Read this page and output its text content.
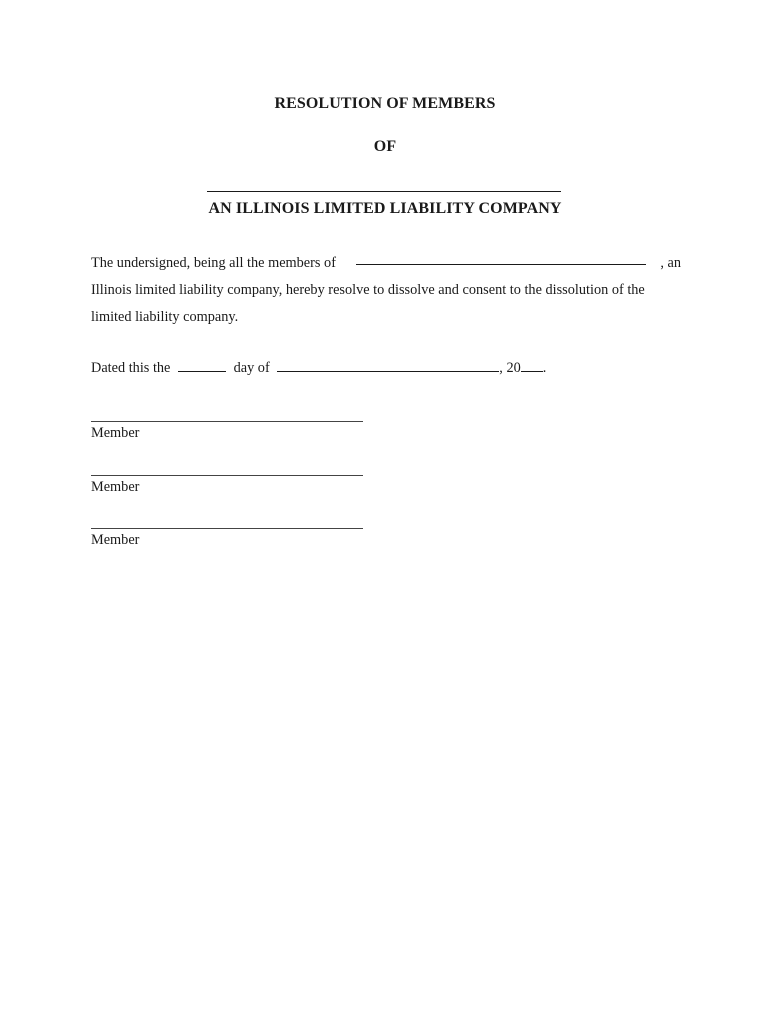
RESOLUTION OF MEMBERS
OF
AN ILLINOIS LIMITED LIABILITY COMPANY
The undersigned, being all the members of	, an
Illinois limited liability company, hereby resolve to dissolve and consent to the dissolution of the
limited liability company.
Dated this the	day of	, 20 .
Member
Member
Member
